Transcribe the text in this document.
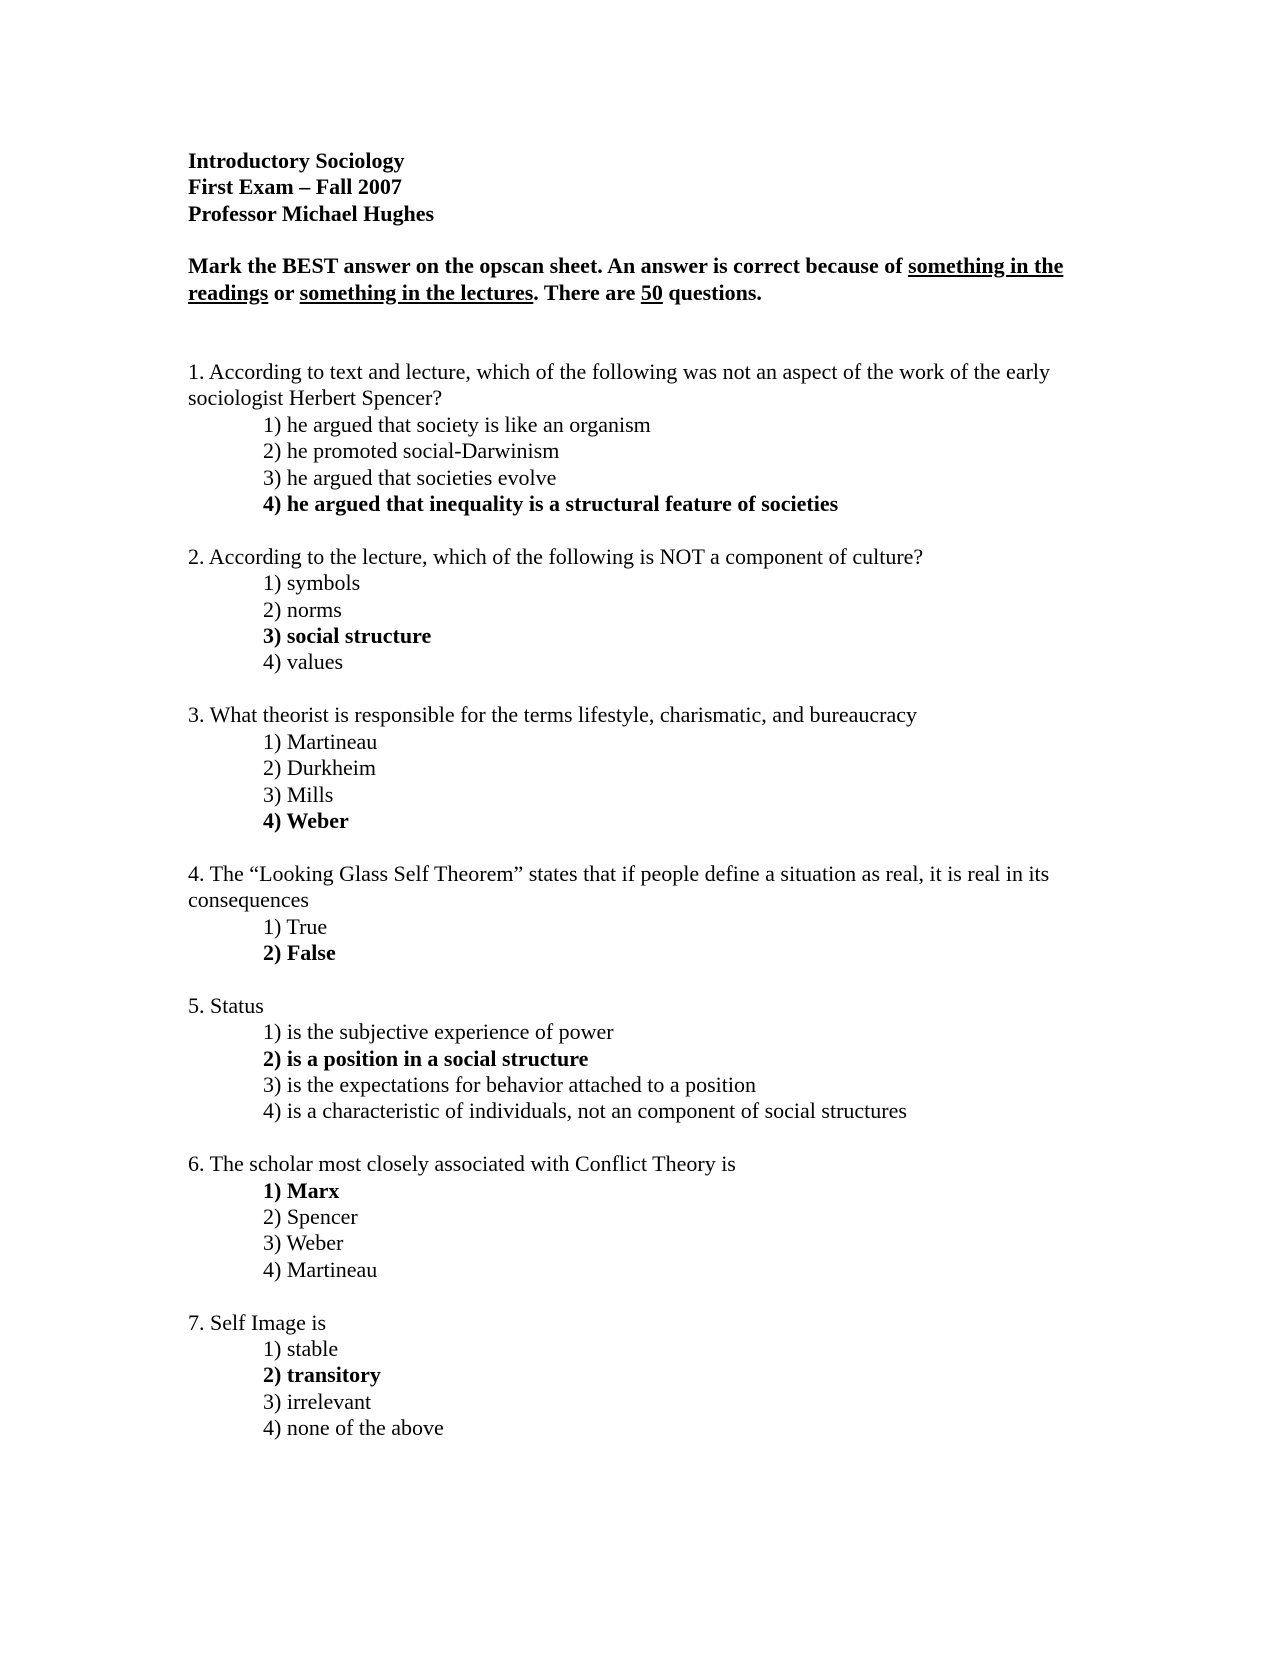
Introductory Sociology
First Exam – Fall 2007
Professor Michael Hughes
Mark the BEST answer on the opscan sheet. An answer is correct because of something in the readings or something in the lectures. There are 50 questions.
1. According to text and lecture, which of the following was not an aspect of the work of the early sociologist Herbert Spencer?
1) he argued that society is like an organism
2) he promoted social-Darwinism
3) he argued that societies evolve
4) he argued that inequality is a structural feature of societies
2. According to the lecture, which of the following is NOT a component of culture?
1) symbols
2) norms
3) social structure
4) values
3. What theorist is responsible for the terms lifestyle, charismatic, and bureaucracy
1) Martineau
2) Durkheim
3) Mills
4) Weber
4. The “Looking Glass Self Theorem” states that if people define a situation as real, it is real in its consequences
1) True
2) False
5. Status
1) is the subjective experience of power
2) is a position in a social structure
3) is the expectations for behavior attached to a position
4) is a characteristic of individuals, not an component of social structures
6. The scholar most closely associated with Conflict Theory is
1) Marx
2) Spencer
3) Weber
4) Martineau
7. Self Image is
1) stable
2) transitory
3) irrelevant
4) none of the above
